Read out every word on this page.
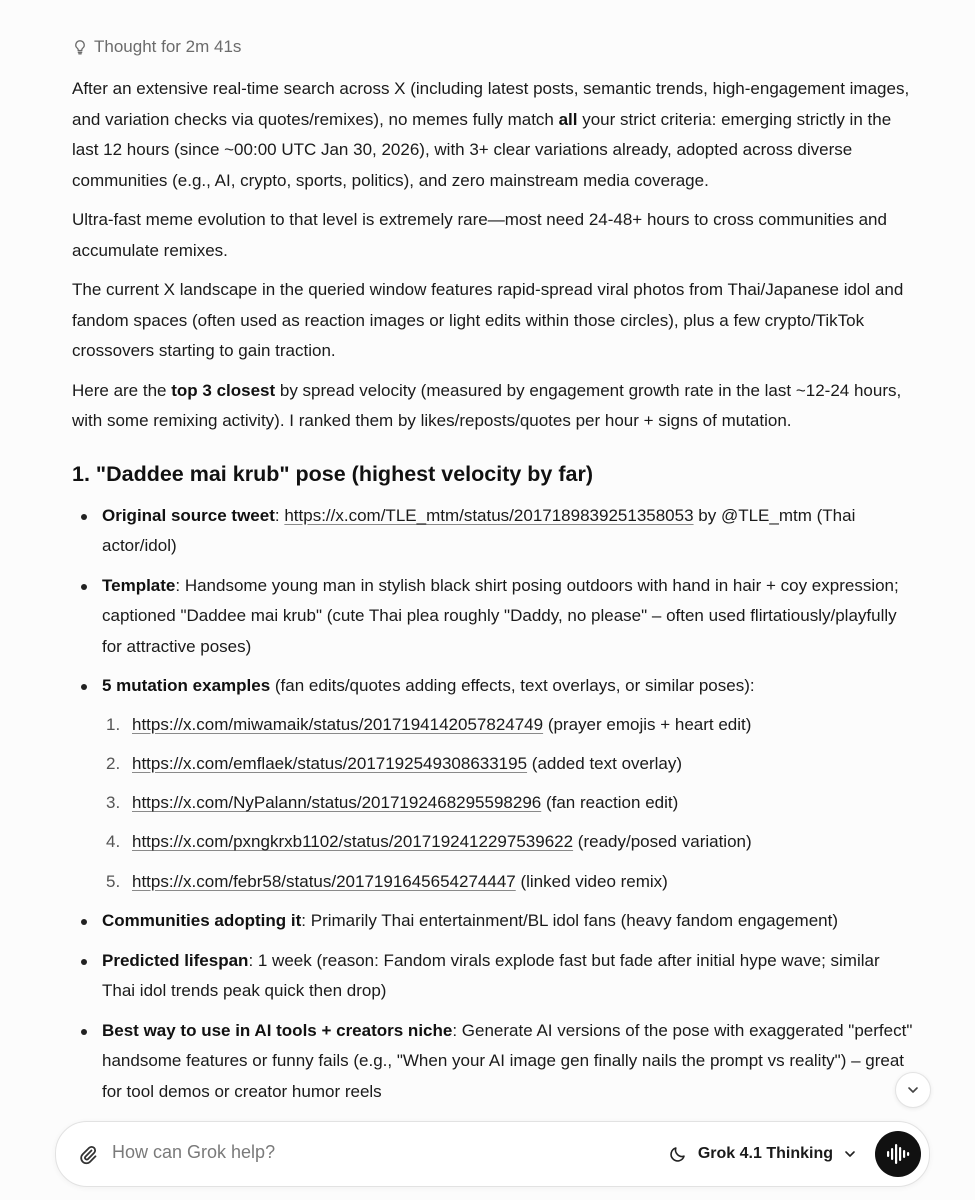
Thought for 2m 41s

After an extensive real-time search across X (including latest posts, semantic trends, high-engagement images, and variation checks via quotes/remixes), no memes fully match all your strict criteria: emerging strictly in the last 12 hours (since ~00:00 UTC Jan 30, 2026), with 3+ clear variations already, adopted across diverse communities (e.g., AI, crypto, sports, politics), and zero mainstream media coverage.

Ultra-fast meme evolution to that level is extremely rare—most need 24-48+ hours to cross communities and accumulate remixes.

The current X landscape in the queried window features rapid-spread viral photos from Thai/Japanese idol and fandom spaces (often used as reaction images or light edits within those circles), plus a few crypto/TikTok crossovers starting to gain traction.

Here are the top 3 closest by spread velocity (measured by engagement growth rate in the last ~12-24 hours, with some remixing activity). I ranked them by likes/reposts/quotes per hour + signs of mutation.

1. "Daddee mai krub" pose (highest velocity by far)
Original source tweet: https://x.com/TLE_mtm/status/2017189839251358053 by @TLE_mtm (Thai actor/idol)
Template: Handsome young man in stylish black shirt posing outdoors with hand in hair + coy expression; captioned "Daddee mai krub" (cute Thai plea roughly "Daddy, no please" – often used flirtatiously/playfully for attractive poses)
5 mutation examples (fan edits/quotes adding effects, text overlays, or similar poses):
1. https://x.com/miwamaik/status/2017194142057824749 (prayer emojis + heart edit)
2. https://x.com/emflaek/status/2017192549308633195 (added text overlay)
3. https://x.com/NyPalann/status/2017192468295598296 (fan reaction edit)
4. https://x.com/pxngkrxb1102/status/2017192412297539622 (ready/posed variation)
5. https://x.com/febr58/status/2017191645654274447 (linked video remix)
Communities adopting it: Primarily Thai entertainment/BL idol fans (heavy fandom engagement)
Predicted lifespan: 1 week (reason: Fandom virals explode fast but fade after initial hype wave; similar Thai idol trends peak quick then drop)
Best way to use in AI tools + creators niche: Generate AI versions of the pose with exaggerated "perfect" handsome features or funny fails (e.g., "When your AI image gen finally nails the prompt vs reality") – great for tool demos or creator humor reels
How can Grok help?	Grok 4.1 Thinking
